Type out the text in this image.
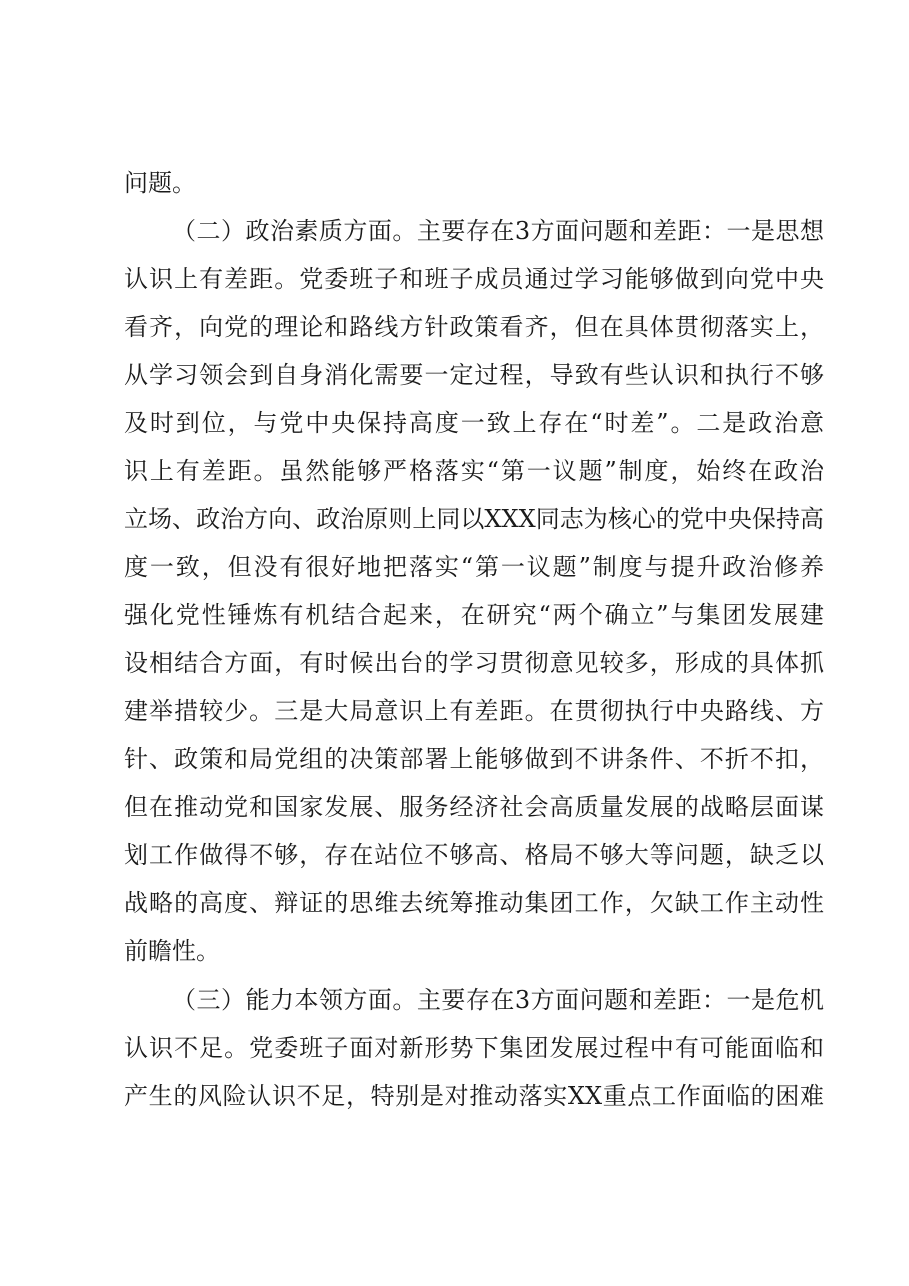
问题。
（二）政治素质方面。主要存在3方面问题和差距：一是思想
认识上有差距。党委班子和班子成员通过学习能够做到向党中央
看齐，向党的理论和路线方针政策看齐，但在具体贯彻落实上，
从学习领会到自身消化需要一定过程，导致有些认识和执行不够
及时到位，与党中央保持高度一致上存在“时差”。二是政治意
识上有差距。虽然能够严格落实“第一议题”制度，始终在政治
立场、政治方向、政治原则上同以XXX同志为核心的党中央保持高
度一致，但没有很好地把落实“第一议题”制度与提升政治修养
强化党性锤炼有机结合起来，在研究“两个确立”与集团发展建
设相结合方面，有时候出台的学习贯彻意见较多，形成的具体抓
建举措较少。三是大局意识上有差距。在贯彻执行中央路线、方
针、政策和局党组的决策部署上能够做到不讲条件、不折不扣，
但在推动党和国家发展、服务经济社会高质量发展的战略层面谋
划工作做得不够，存在站位不够高、格局不够大等问题，缺乏以
战略的高度、辩证的思维去统筹推动集团工作，欠缺工作主动性
前瞻性。
（三）能力本领方面。主要存在3方面问题和差距：一是危机
认识不足。党委班子面对新形势下集团发展过程中有可能面临和
产生的风险认识不足，特别是对推动落实XX重点工作面临的困难
